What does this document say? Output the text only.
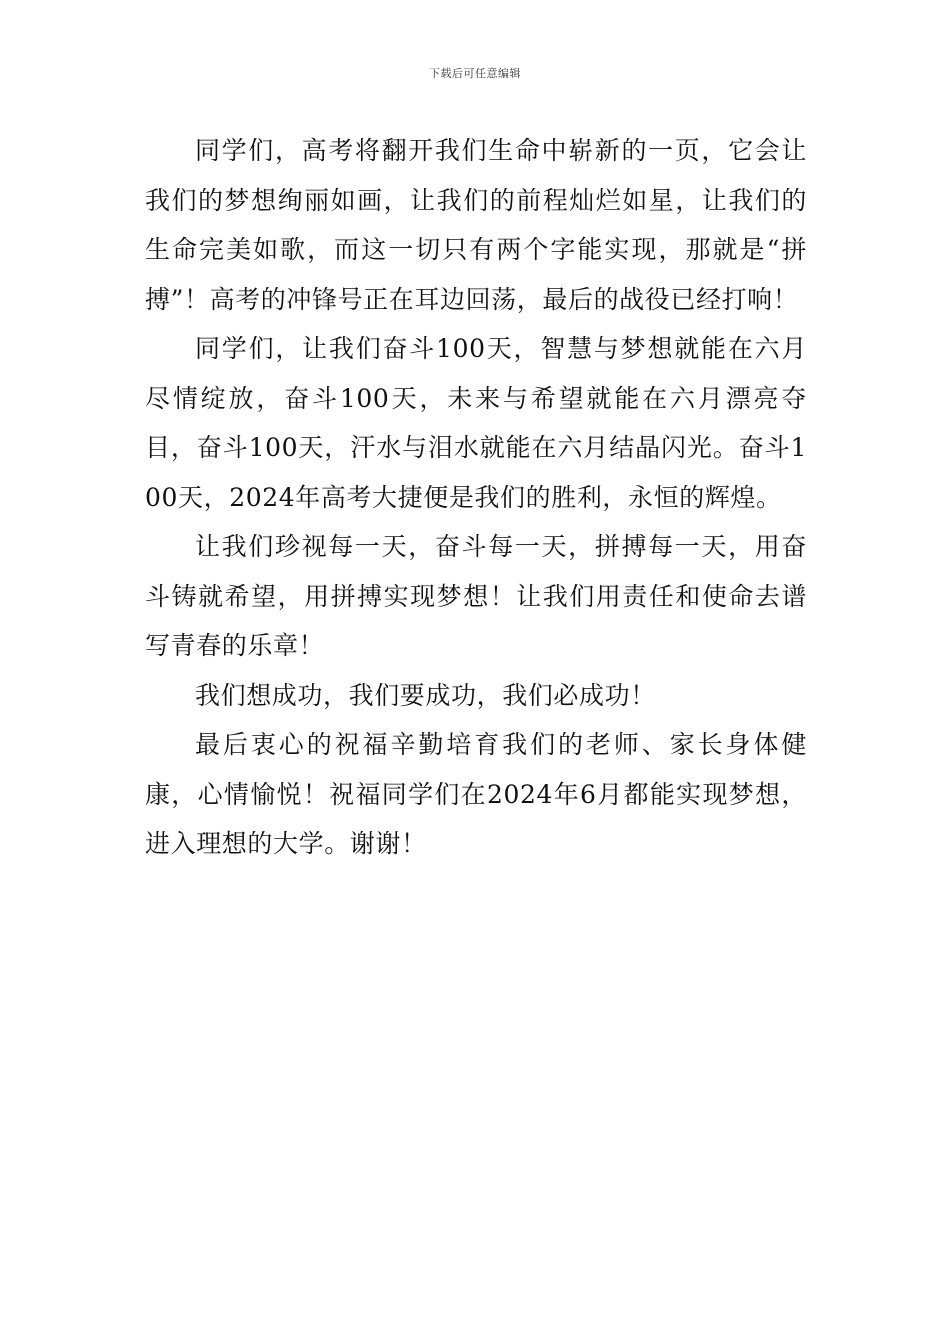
下载后可任意编辑

同学们，高考将翻开我们生命中崭新的一页，它会让我们的梦想绚丽如画，让我们的前程灿烂如星，让我们的生命完美如歌，而这一切只有两个字能实现，那就是“拼搏”！高考的冲锋号正在耳边回荡，最后的战役已经打响！

同学们，让我们奋斗100天，智慧与梦想就能在六月尽情绽放，奋斗100天，未来与希望就能在六月漂亮夺目，奋斗100天，汗水与泪水就能在六月结晶闪光。奋斗100天，2024年高考大捷便是我们的胜利，永恒的辉煌。

让我们珍视每一天，奋斗每一天，拼搏每一天，用奋斗铸就希望，用拼搏实现梦想！让我们用责任和使命去谱写青春的乐章！

我们想成功，我们要成功，我们必成功！

最后衷心的祝福辛勤培育我们的老师、家长身体健康，心情愉悦！祝福同学们在2024年6月都能实现梦想，进入理想的大学。谢谢！
